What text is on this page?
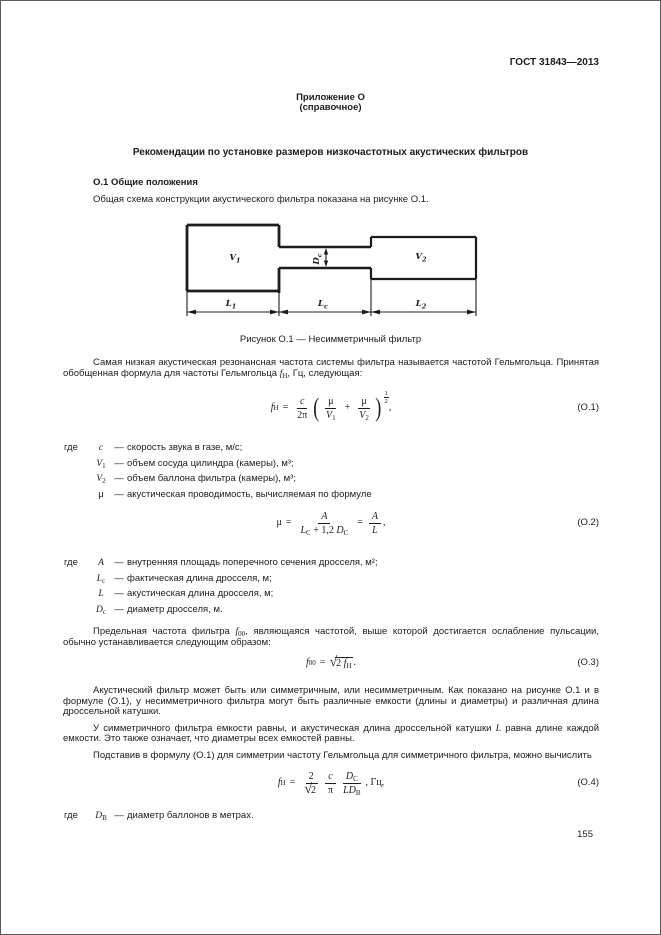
ГОСТ 31843—2013
Приложение О
(справочное)
Рекомендации по установке размеров низкочастотных акустических фильтров
О.1 Общие положения
Общая схема конструкции акустического фильтра показана на рисунке О.1.
$V_1$	$V_2$
$D_c$
$L_1$	$L_c$	$L_2$
Рисунок О.1 — Несимметричный фильтр
Самая низкая акустическая резонансная частота системы фильтра называется частотой Гельмгольца. Принятая обобщенная формула для частоты Гельмгольца $f_H$, Гц, следующая:
f $H = \frac{c}{2\pi}$ ( $\frac{\mu}{V_1} + \frac{\mu}{V_2}$ ) $\frac{1}{2}$
,	(О.1)
где	c	— скорость звука в газе, м/с;
$V_1$ — объем сосуда цилиндра (камеры), м³;
$V_2$ — объем баллона фильтра (камеры), м³;
μ	— акустическая проводимость, вычисляемая по формуле
$\mu = \frac{A}{L_C + 1,2 D_C} = \frac{A}{L}$ ,	(О.2)
где	A	— внутренняя площадь поперечного сечения дросселя, м²;
$L_c$ — фактическая длина дросселя, м;
L	— акустическая длина дросселя, м;
$D_c$ — диаметр дросселя, м.
Предельная частота фильтра $f_{00}$, являющаяся частотой, выше которой достигается ослабление пульсации, обычно устанавливается следующим образом:
f 00 = √ 2 $f_H$ .	(О.3)
Акустический фильтр может быть или симметричным, или несимметричным. Как показано на рисунке О.1 и в формуле (О.1), у несимметричного фильтра могут быть различные емкости (длины и диаметры) и различная длина дроссельной катушки.
У симметричного фильтра емкости равны, и акустическая длина дроссельной катушки L равна длине каждой емкости. Это также означает, что диаметры всех емкостей равны.
Подставив в формулу (О.1) для симметрии частоту Гельмгольца для симметричного фильтра, можно вычислить
f $H = \frac{2}{√2} \frac{c}{\pi} \frac{D_C}{LD_B}$ , Гц,	(О.4)
где	$D_B$ — диаметр баллонов в метрах.
155
